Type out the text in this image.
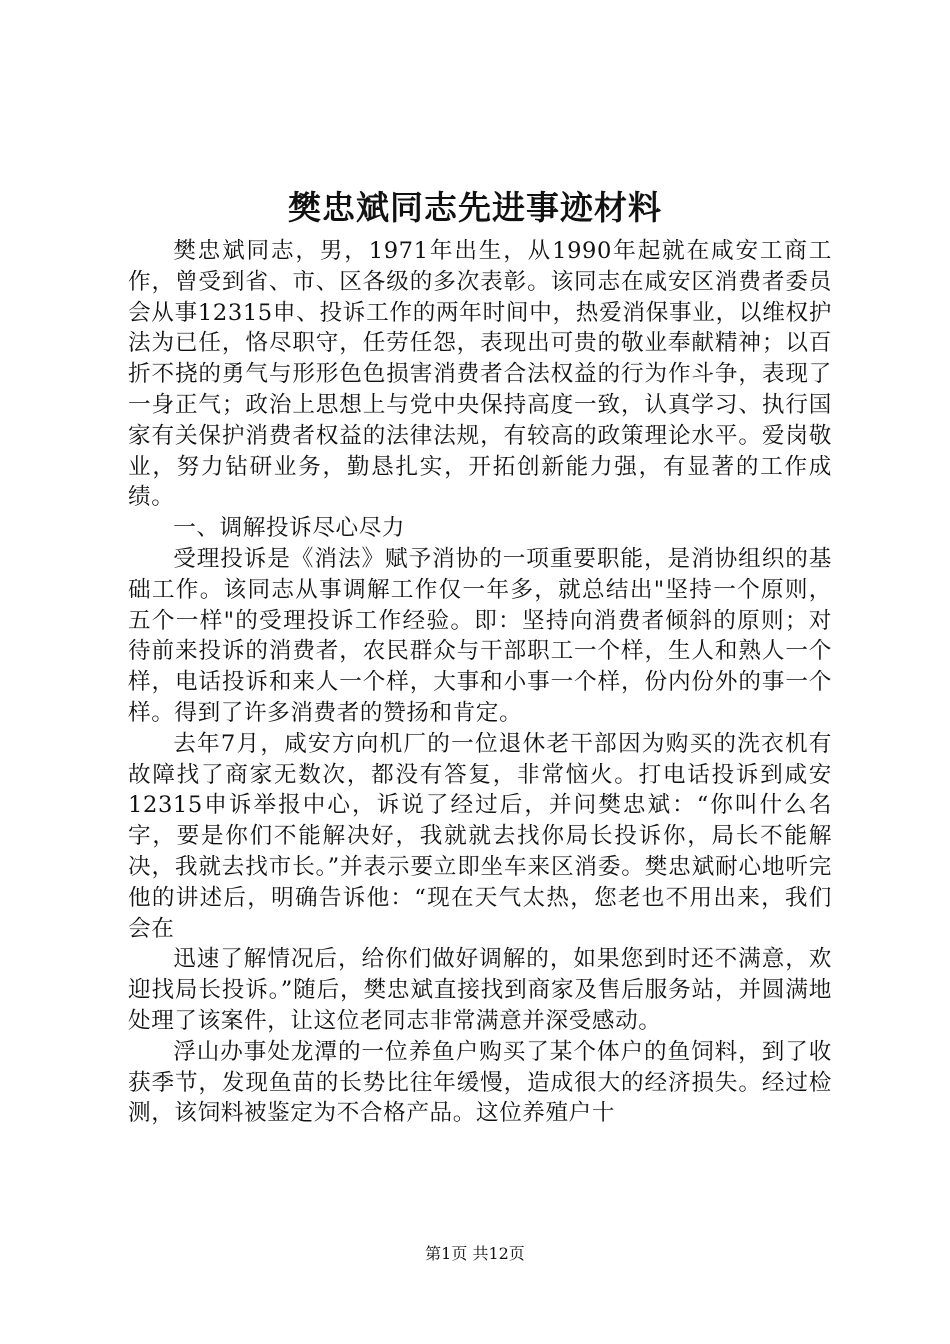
樊忠斌同志先进事迹材料

樊忠斌同志，男，1971年出生，从1990年起就在咸安工商工作，曾受到省、市、区各级的多次表彰。该同志在咸安区消费者委员会从事12315申、投诉工作的两年时间中，热爱消保事业，以维权护法为已任，恪尽职守，任劳任怨，表现出可贵的敬业奉献精神；以百折不挠的勇气与形形色色损害消费者合法权益的行为作斗争，表现了一身正气；政治上思想上与党中央保持高度一致，认真学习、执行国家有关保护消费者权益的法律法规，有较高的政策理论水平。爱岗敬业，努力钻研业务，勤恳扎实，开拓创新能力强，有显著的工作成绩。

一、调解投诉尽心尽力

受理投诉是《消法》赋予消协的一项重要职能，是消协组织的基础工作。该同志从事调解工作仅一年多，就总结出"坚持一个原则，五个一样"的受理投诉工作经验。即：坚持向消费者倾斜的原则；对待前来投诉的消费者，农民群众与干部职工一个样，生人和熟人一个样，电话投诉和来人一个样，大事和小事一个样，份内份外的事一个样。得到了许多消费者的赞扬和肯定。

去年7月，咸安方向机厂的一位退休老干部因为购买的洗衣机有故障找了商家无数次，都没有答复，非常恼火。打电话投诉到咸安12315申诉举报中心，诉说了经过后，并问樊忠斌：“你叫什么名字，要是你们不能解决好，我就就去找你局长投诉你，局长不能解决，我就去找市长。”并表示要立即坐车来区消委。樊忠斌耐心地听完他的讲述后，明确告诉他：“现在天气太热，您老也不用出来，我们会在

迅速了解情况后，给你们做好调解的，如果您到时还不满意，欢迎找局长投诉。”随后，樊忠斌直接找到商家及售后服务站，并圆满地处理了该案件，让这位老同志非常满意并深受感动。

浮山办事处龙潭的一位养鱼户购买了某个体户的鱼饲料，到了收获季节，发现鱼苗的长势比往年缓慢，造成很大的经济损失。经过检测，该饲料被鉴定为不合格产品。这位养殖户十

第1页 共12页
